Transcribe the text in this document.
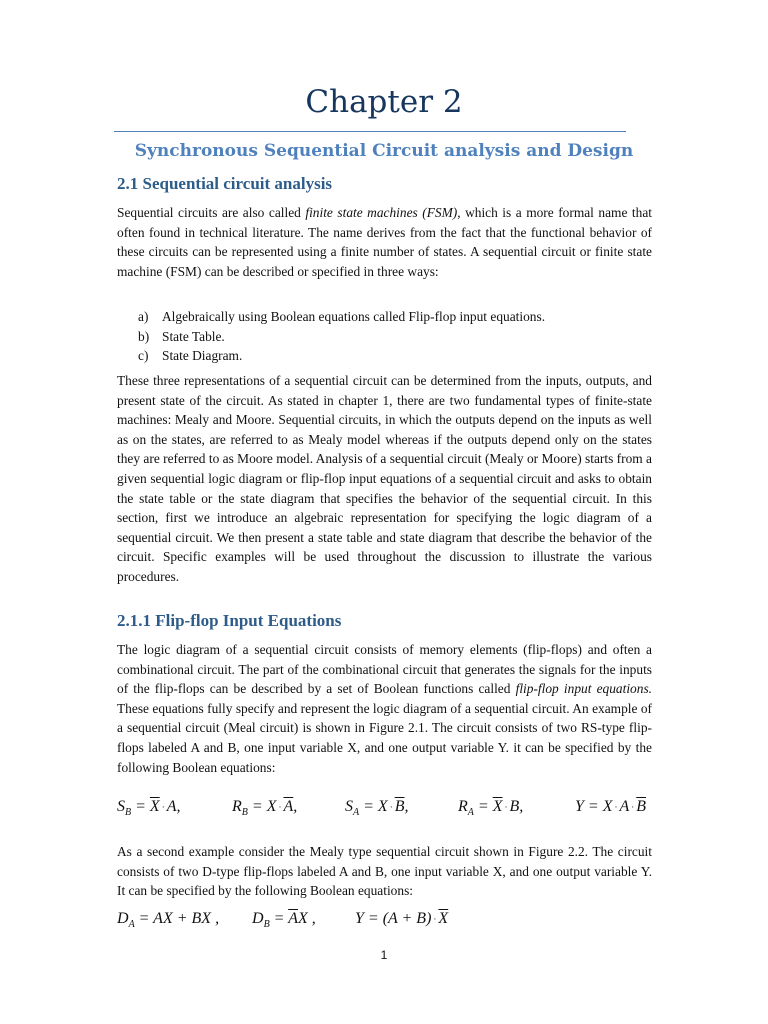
Chapter 2
Synchronous Sequential Circuit analysis and Design
2.1 Sequential circuit analysis

Sequential circuits are also called finite state machines (FSM), which is a more formal name that often found in technical literature. The name derives from the fact that the functional behavior of these circuits can be represented using a finite number of states. A sequential circuit or finite state machine (FSM) can be described or specified in three ways:

a) Algebraically using Boolean equations called Flip-flop input equations.
b) State Table.
c) State Diagram.

These three representations of a sequential circuit can be determined from the inputs, outputs, and present state of the circuit. As stated in chapter 1, there are two fundamental types of finite-state machines: Mealy and Moore. Sequential circuits, in which the outputs depend on the inputs as well as on the states, are referred to as Mealy model whereas if the outputs depend only on the states they are referred to as Moore model. Analysis of a sequential circuit (Mealy or Moore) starts from a given sequential logic diagram or flip-flop input equations of a sequential circuit and asks to obtain the state table or the state diagram that specifies the behavior of the sequential circuit. In this section, first we introduce an algebraic representation for specifying the logic diagram of a sequential circuit. We then present a state table and state diagram that describe the behavior of the circuit. Specific examples will be used throughout the discussion to illustrate the various procedures.

2.1.1 Flip-flop Input Equations

The logic diagram of a sequential circuit consists of memory elements (flip-flops) and often a combinational circuit. The part of the combinational circuit that generates the signals for the inputs of the flip-flops can be described by a set of Boolean functions called flip-flop input equations. These equations fully specify and represent the logic diagram of a sequential circuit. An example of a sequential circuit (Meal circuit) is shown in Figure 2.1. The circuit consists of two RS-type flip-flops labeled A and B, one input variable X, and one output variable Y. it can be specified by the following Boolean equations:

$S_B = \overline{X} \cdot A$,	$R_B = X \cdot \overline{A}$,	$S_A = X \cdot \overline{B}$,	$R_A = \overline{X} \cdot B$,	$Y = X \cdot A \cdot \overline{B}$

As a second example consider the Mealy type sequential circuit shown in Figure 2.2. The circuit consists of two D-type flip-flops labeled A and B, one input variable X, and one output variable Y. It can be specified by the following Boolean equations:

$D_A$ = AX + BX , $D_B = \overline{A}X$ , $Y = (A + B) \cdot \overline{X}$
1
